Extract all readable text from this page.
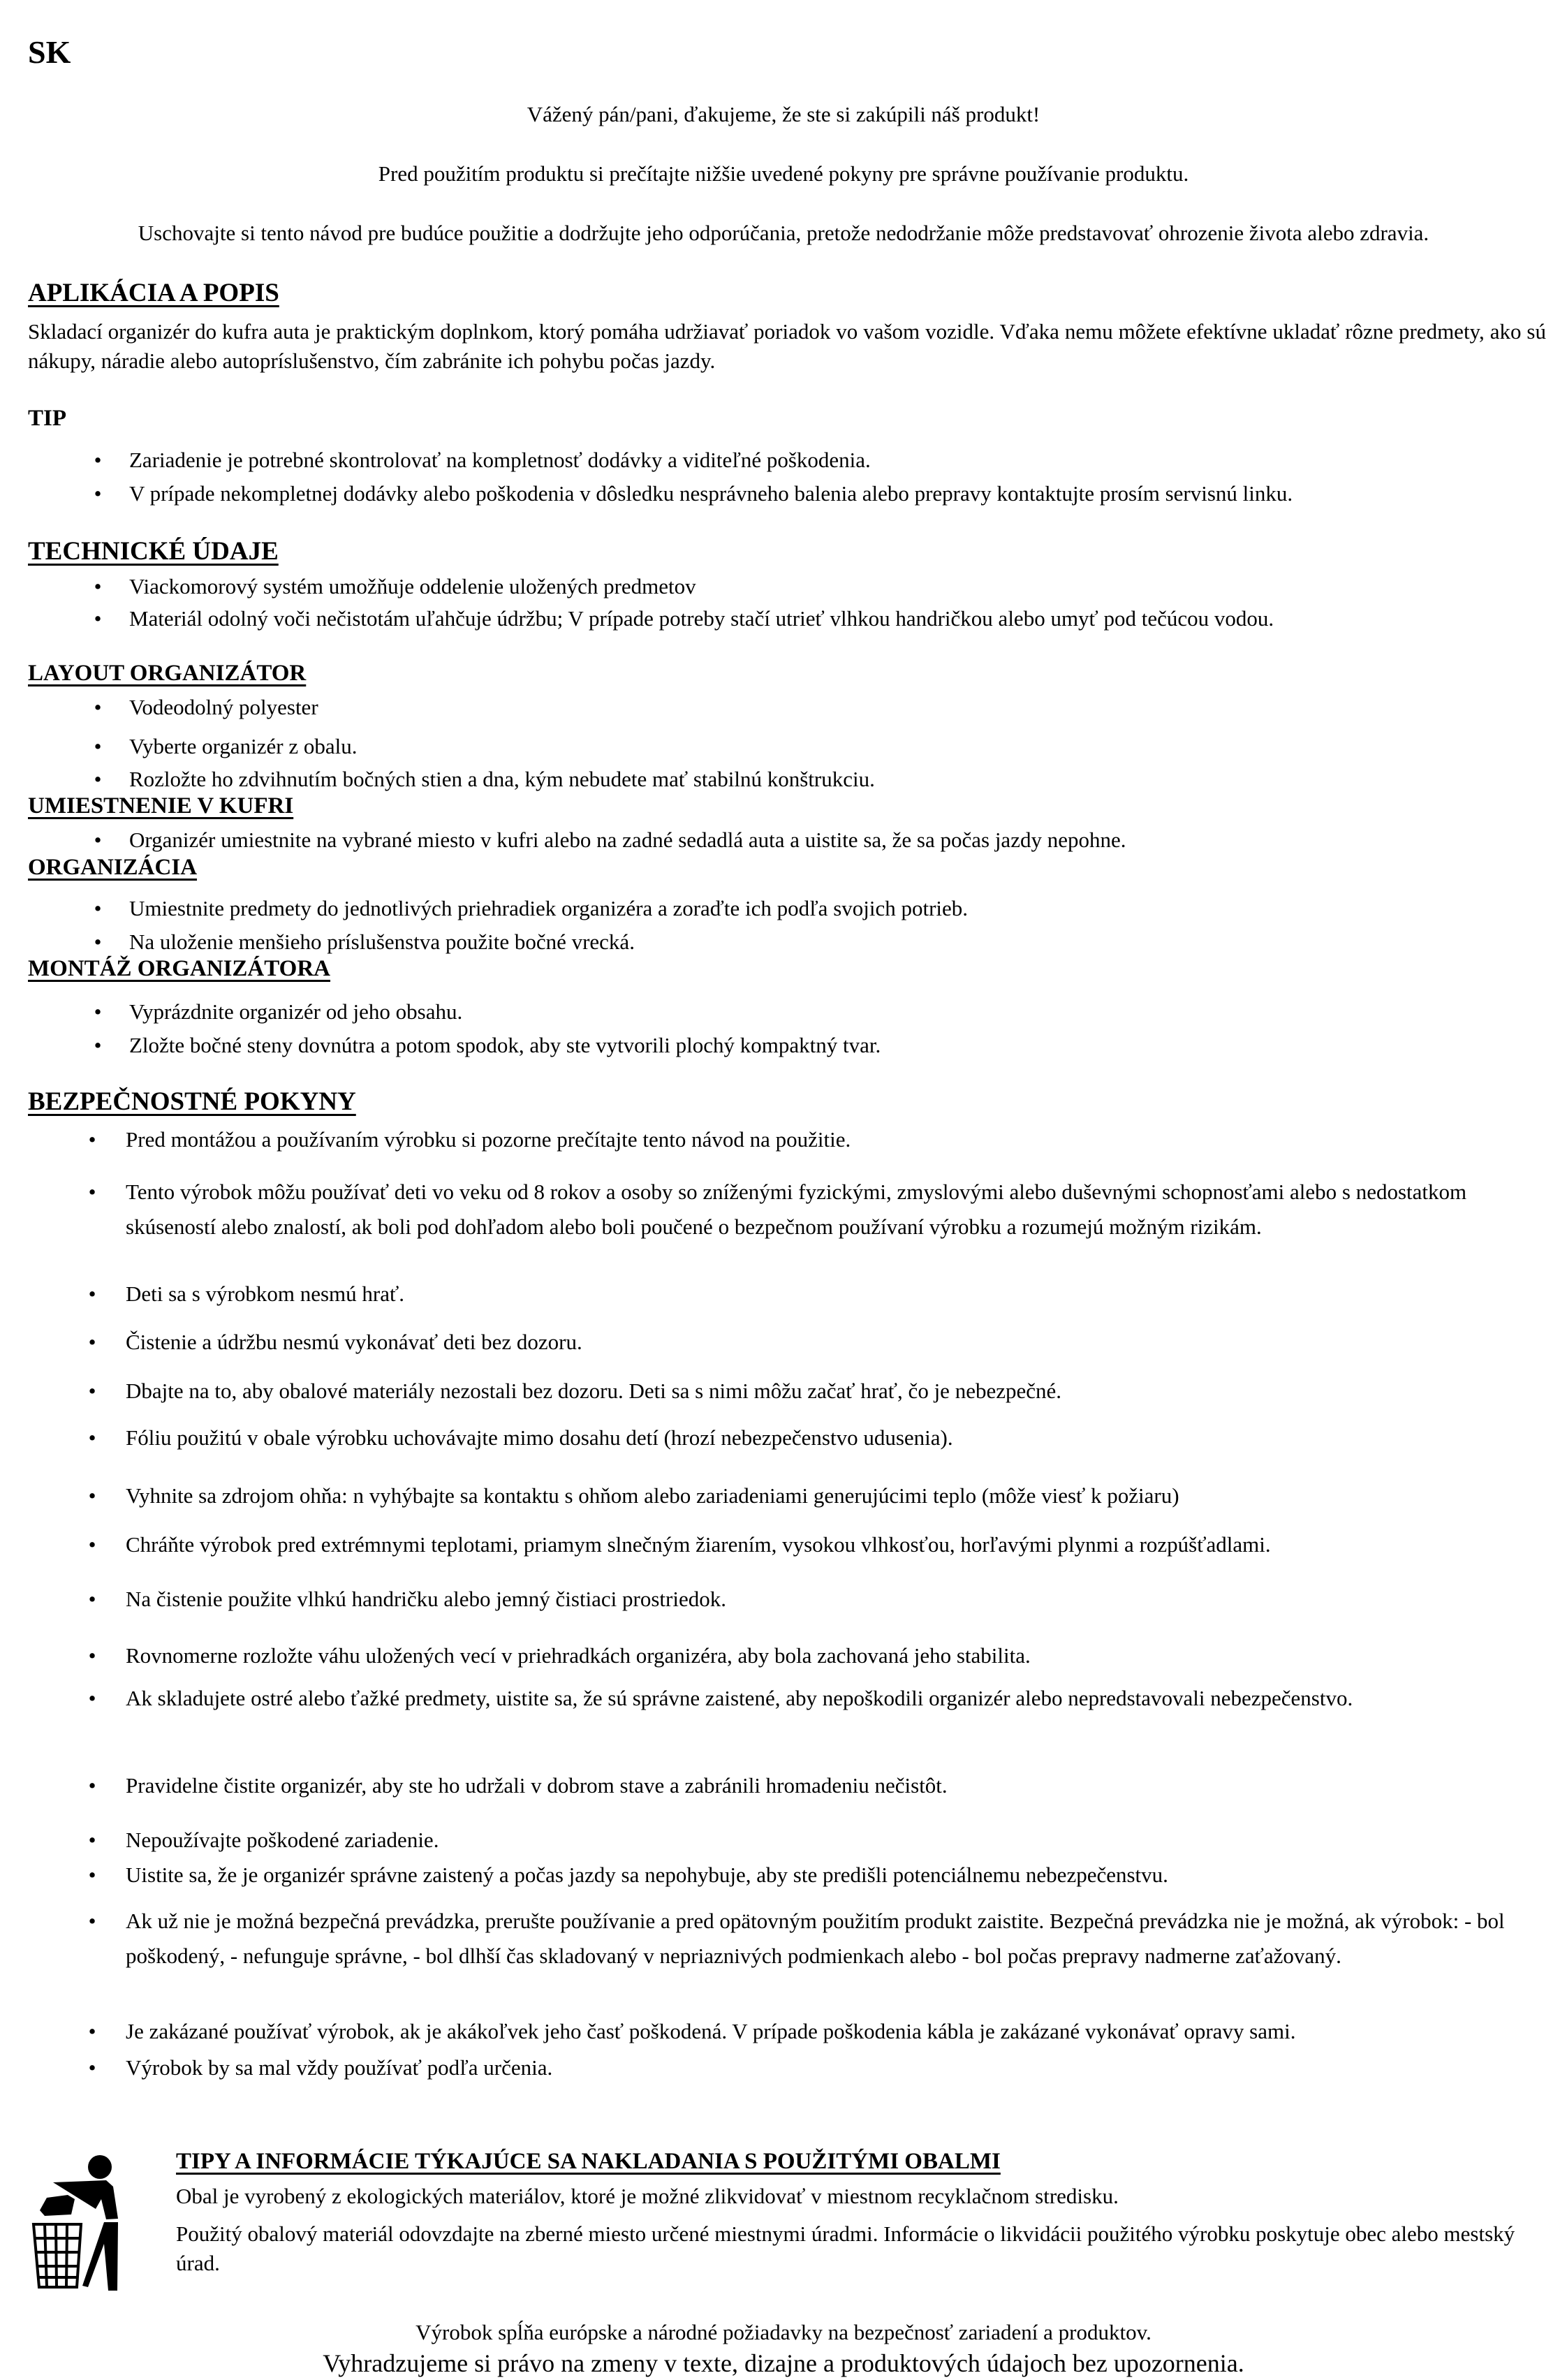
SK
Vážený pán/pani, ďakujeme, že ste si zakúpili náš produkt!
Pred použitím produktu si prečítajte nižšie uvedené pokyny pre správne používanie produktu.
Uschovajte si tento návod pre budúce použitie a dodržujte jeho odporúčania, pretože nedodržanie môže predstavovať ohrozenie života alebo zdravia.
APLIKÁCIA A POPIS
Skladací organizér do kufra auta je praktickým doplnkom, ktorý pomáha udržiavať poriadok vo vašom vozidle. Vďaka nemu môžete efektívne ukladať rôzne predmety, ako sú nákupy, náradie alebo autopríslušenstvo, čím zabránite ich pohybu počas jazdy.
TIP
•	Zariadenie je potrebné skontrolovať na kompletnosť dodávky a viditeľné poškodenia.
•	V prípade nekompletnej dodávky alebo poškodenia v dôsledku nesprávneho balenia alebo prepravy kontaktujte prosím servisnú linku.
TECHNICKÉ ÚDAJE
•	Viackomorový systém umožňuje oddelenie uložených predmetov
•	Materiál odolný voči nečistotám uľahčuje údržbu; V prípade potreby stačí utrieť vlhkou handričkou alebo umyť pod tečúcou vodou.
LAYOUT ORGANIZÁTOR
•	Vodeodolný polyester
•	Vyberte organizér z obalu.
•	Rozložte ho zdvihnutím bočných stien a dna, kým nebudete mať stabilnú konštrukciu.
UMIESTNENIE V KUFRI
•	Organizér umiestnite na vybrané miesto v kufri alebo na zadné sedadlá auta a uistite sa, že sa počas jazdy nepohne.
ORGANIZÁCIA
•	Umiestnite predmety do jednotlivých priehradiek organizéra a zoraďte ich podľa svojich potrieb.
•	Na uloženie menšieho príslušenstva použite bočné vrecká.
MONTÁŽ ORGANIZÁTORA
•	Vyprázdnite organizér od jeho obsahu.
•	Zložte bočné steny dovnútra a potom spodok, aby ste vytvorili plochý kompaktný tvar.
BEZPEČNOSTNÉ POKYNY
•	Pred montážou a používaním výrobku si pozorne prečítajte tento návod na použitie.
•	Tento výrobok môžu používať deti vo veku od 8 rokov a osoby so zníženými fyzickými, zmyslovými alebo duševnými schopnosťami alebo s nedostatkom skúseností alebo znalostí, ak boli pod dohľadom alebo boli poučené o bezpečnom používaní výrobku a rozumejú možným rizikám.
•	Deti sa s výrobkom nesmú hrať.
•	Čistenie a údržbu nesmú vykonávať deti bez dozoru.
•	Dbajte na to, aby obalové materiály nezostali bez dozoru. Deti sa s nimi môžu začať hrať, čo je nebezpečné.
•	Fóliu použitú v obale výrobku uchovávajte mimo dosahu detí (hrozí nebezpečenstvo udusenia).
•	Vyhnite sa zdrojom ohňa: n vyhýbajte sa kontaktu s ohňom alebo zariadeniami generujúcimi teplo (môže viesť k požiaru)
•	Chráňte výrobok pred extrémnymi teplotami, priamym slnečným žiarením, vysokou vlhkosťou, horľavými plynmi a rozpúšťadlami.
•	Na čistenie použite vlhkú handričku alebo jemný čistiaci prostriedok.
•	Rovnomerne rozložte váhu uložených vecí v priehradkách organizéra, aby bola zachovaná jeho stabilita.
•	Ak skladujete ostré alebo ťažké predmety, uistite sa, že sú správne zaistené, aby nepoškodili organizér alebo nepredstavovali nebezpečenstvo.
•	Pravidelne čistite organizér, aby ste ho udržali v dobrom stave a zabránili hromadeniu nečistôt.
•	Nepoužívajte poškodené zariadenie.
•	Uistite sa, že je organizér správne zaistený a počas jazdy sa nepohybuje, aby ste predišli potenciálnemu nebezpečenstvu.
•	Ak už nie je možná bezpečná prevádzka, prerušte používanie a pred opätovným použitím produkt zaistite. Bezpečná prevádzka nie je možná, ak výrobok: - bol poškodený, - nefunguje správne, - bol dlhší čas skladovaný v nepriaznivých podmienkach alebo - bol počas prepravy nadmerne zaťažovaný.
•	Je zakázané používať výrobok, ak je akákoľvek jeho časť poškodená. V prípade poškodenia kábla je zakázané vykonávať opravy sami.
•	Výrobok by sa mal vždy používať podľa určenia.
TIPY A INFORMÁCIE TÝKAJÚCE SA NAKLADANIA S POUŽITÝMI OBALMI
Obal je vyrobený z ekologických materiálov, ktoré je možné zlikvidovať v miestnom recyklačnom stredisku.
Použitý obalový materiál odovzdajte na zberné miesto určené miestnymi úradmi. Informácie o likvidácii použitého výrobku poskytuje obec alebo mestský úrad.
Výrobok spĺňa európske a národné požiadavky na bezpečnosť zariadení a produktov.
Vyhradzujeme si právo na zmeny v texte, dizajne a produktových údajoch bez upozornenia.
